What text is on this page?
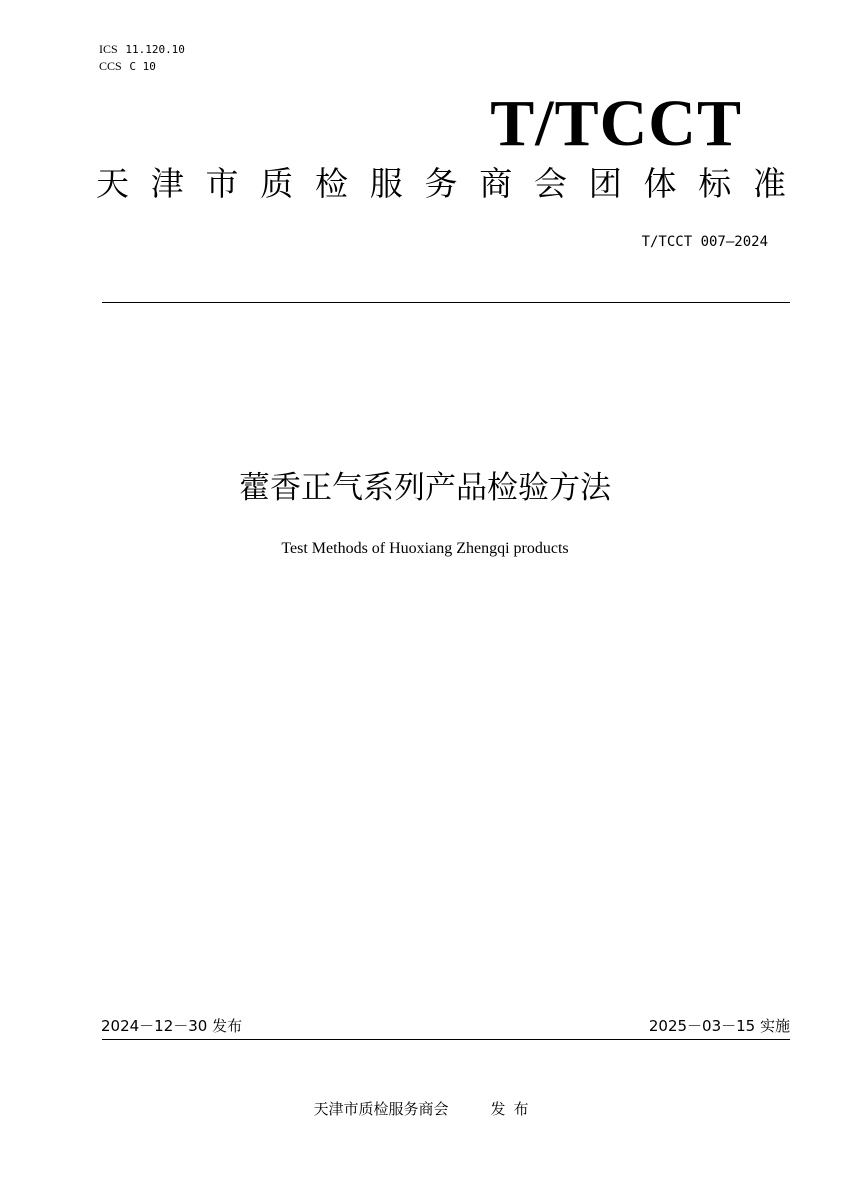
ICS 11.120.10
CCS C 10
T/TCCT
天 津 市 质 检 服 务 商 会 团 体 标 准
T/TCCT 007—2024
藿香正气系列产品检验方法
Test Methods of Huoxiang Zhengqi products
2024－12－30 发布	2025－03－15 实施
天津市质检服务商会	发布
